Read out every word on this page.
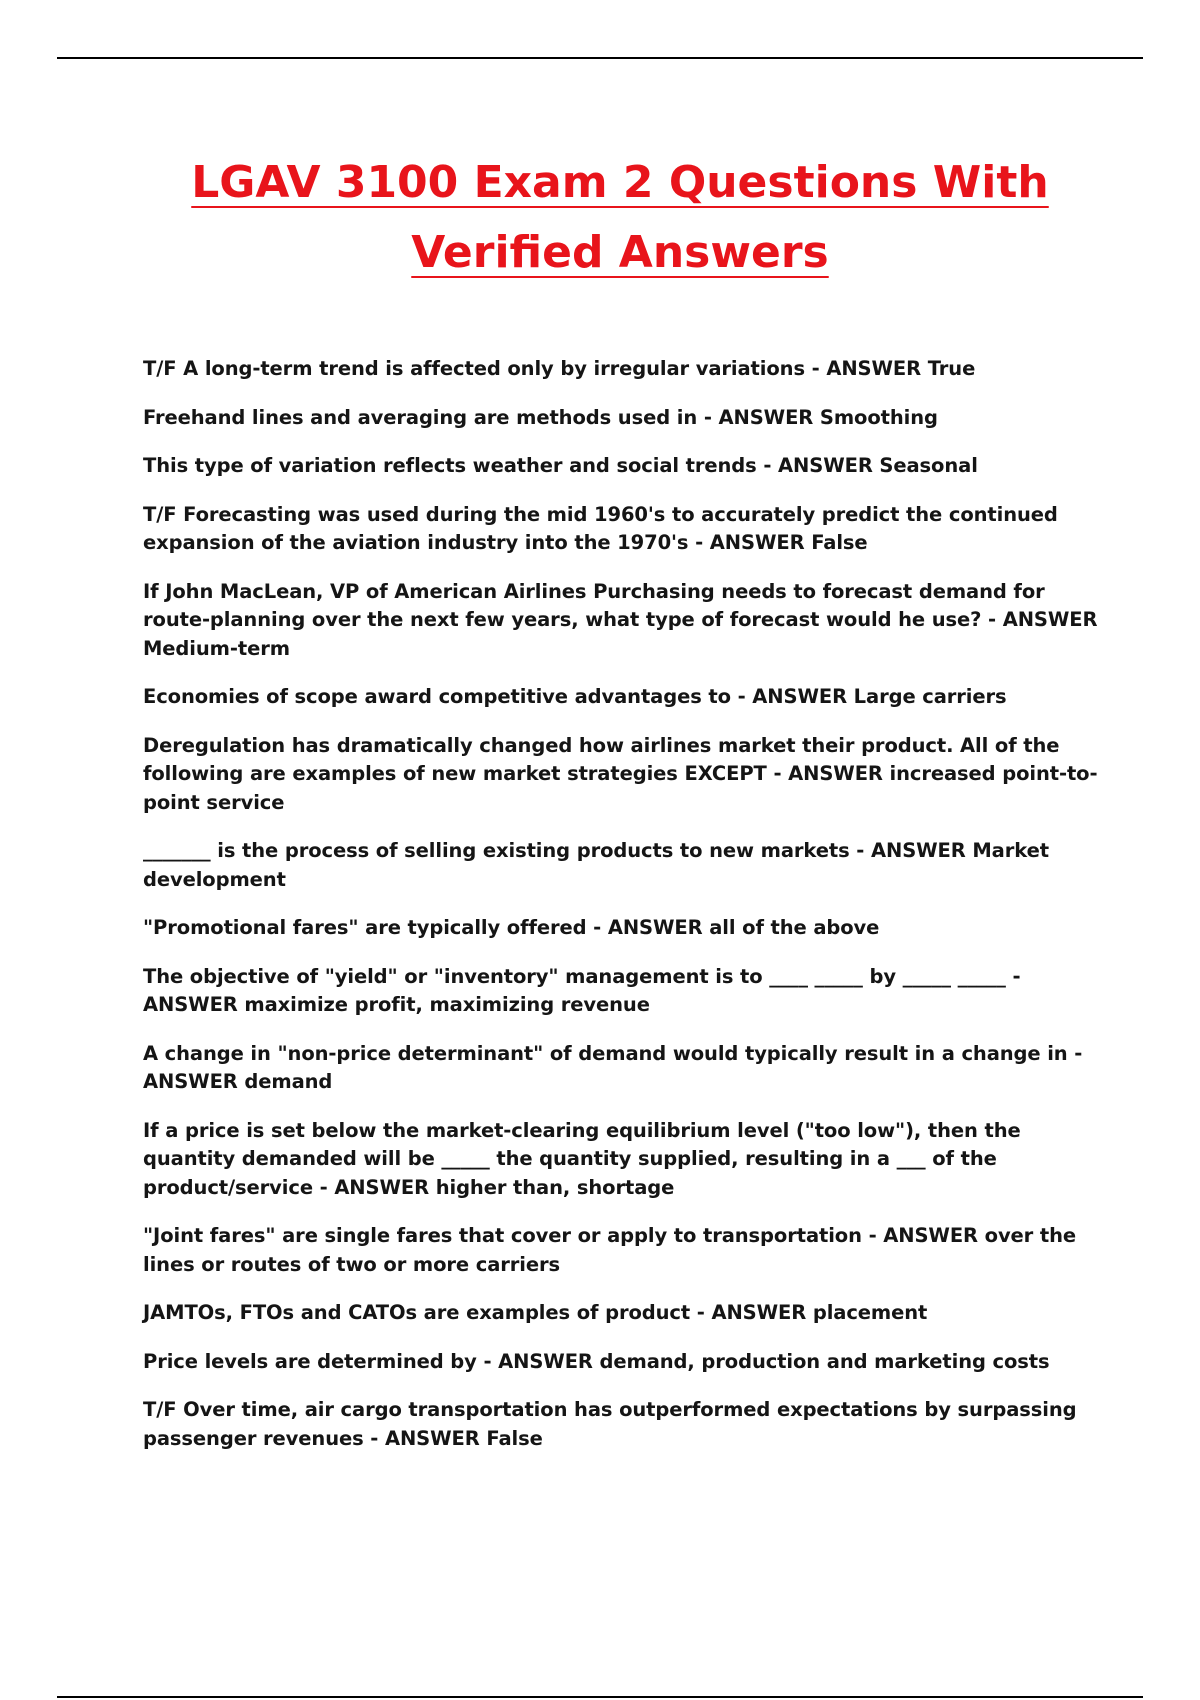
LGAV 3100 Exam 2 Questions With
Verified Answers
T/F A long-term trend is affected only by irregular variations - ANSWER True
Freehand lines and averaging are methods used in - ANSWER Smoothing
This type of variation reflects weather and social trends - ANSWER Seasonal
T/F Forecasting was used during the mid 1960's to accurately predict the continued expansion of the aviation industry into the 1970's - ANSWER False
If John MacLean, VP of American Airlines Purchasing needs to forecast demand for route-planning over the next few years, what type of forecast would he use? - ANSWER Medium-term
Economies of scope award competitive advantages to - ANSWER Large carriers
Deregulation has dramatically changed how airlines market their product. All of the following are examples of new market strategies EXCEPT - ANSWER increased point-to-point service
_______ is the process of selling existing products to new markets - ANSWER Market development
"Promotional fares" are typically offered - ANSWER all of the above
The objective of "yield" or "inventory" management is to ____ _____ by _____ _____ - ANSWER maximize profit, maximizing revenue
A change in "non-price determinant" of demand would typically result in a change in - ANSWER demand
If a price is set below the market-clearing equilibrium level ("too low"), then the quantity demanded will be _____ the quantity supplied, resulting in a ___ of the product/service - ANSWER higher than, shortage
"Joint fares" are single fares that cover or apply to transportation - ANSWER over the lines or routes of two or more carriers
JAMTOs, FTOs and CATOs are examples of product - ANSWER placement
Price levels are determined by - ANSWER demand, production and marketing costs
T/F Over time, air cargo transportation has outperformed expectations by surpassing passenger revenues - ANSWER False
